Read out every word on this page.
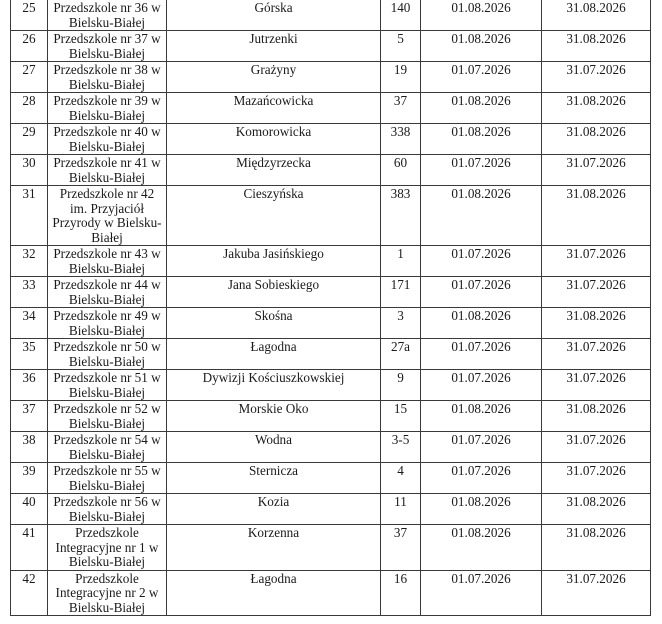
25	Przedszkole nr 36 w Bielsku-Białej	Górska	140	01.08.2026	31.08.2026
26	Przedszkole nr 37 w Bielsku-Białej	Jutrzenki	5	01.08.2026	31.08.2026
27	Przedszkole nr 38 w Bielsku-Białej	Grażyny	19	01.07.2026	31.07.2026
28	Przedszkole nr 39 w Bielsku-Białej	Mazańcowicka	37	01.08.2026	31.08.2026
29	Przedszkole nr 40 w Bielsku-Białej	Komorowicka	338	01.08.2026	31.08.2026
30	Przedszkole nr 41 w Bielsku-Białej	Międzyrzecka	60	01.07.2026	31.07.2026
31	Przedszkole nr 42 im. Przyjaciół Przyrody w Bielsku-Białej	Cieszyńska	383	01.08.2026	31.08.2026
32	Przedszkole nr 43 w Bielsku-Białej	Jakuba Jasińskiego	1	01.07.2026	31.07.2026
33	Przedszkole nr 44 w Bielsku-Białej	Jana Sobieskiego	171	01.07.2026	31.07.2026
34	Przedszkole nr 49 w Bielsku-Białej	Skośna	3	01.08.2026	31.08.2026
35	Przedszkole nr 50 w Bielsku-Białej	Łagodna	27a	01.07.2026	31.07.2026
36	Przedszkole nr 51 w Bielsku-Białej	Dywizji Kościuszkowskiej	9	01.07.2026	31.07.2026
37	Przedszkole nr 52 w Bielsku-Białej	Morskie Oko	15	01.08.2026	31.08.2026
38	Przedszkole nr 54 w Bielsku-Białej	Wodna	3-5	01.07.2026	31.07.2026
39	Przedszkole nr 55 w Bielsku-Białej	Sternicza	4	01.07.2026	31.07.2026
40	Przedszkole nr 56 w Bielsku-Białej	Kozia	11	01.08.2026	31.08.2026
41	Przedszkole Integracyjne nr 1 w Bielsku-Białej	Korzenna	37	01.08.2026	31.08.2026
42	Przedszkole Integracyjne nr 2 w Bielsku-Białej	Łagodna	16	01.07.2026	31.07.2026
